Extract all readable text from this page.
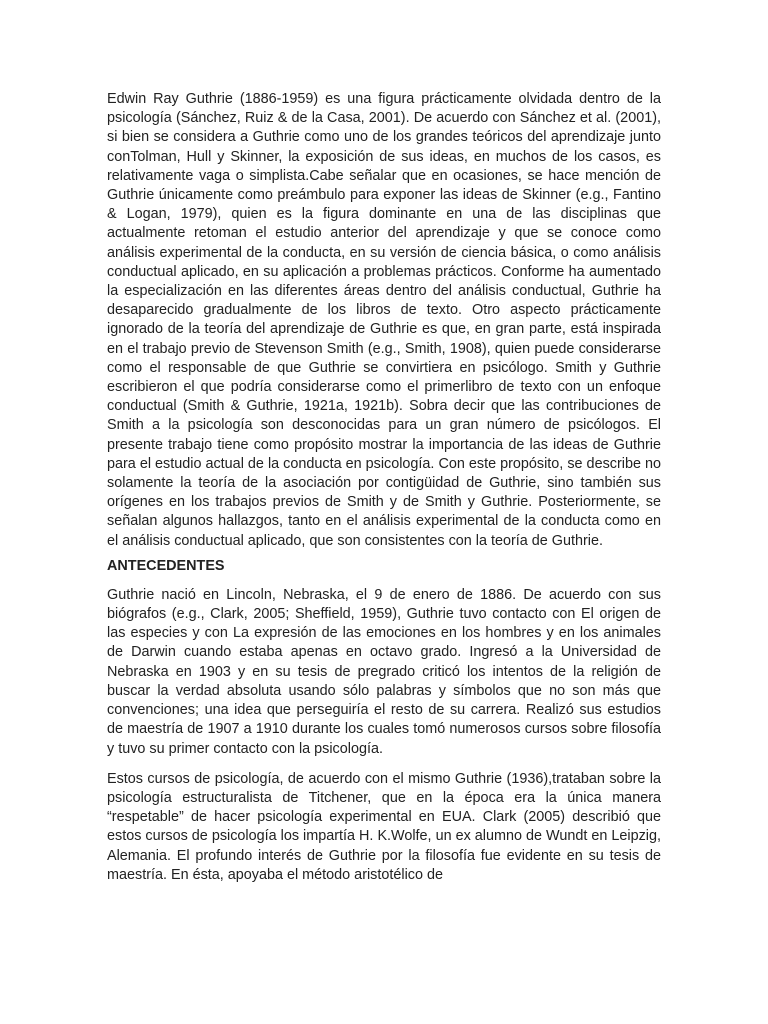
Edwin Ray Guthrie (1886-1959) es una figura prácticamente olvidada dentro de la psicología (Sánchez, Ruiz & de la Casa, 2001). De acuerdo con Sánchez et al. (2001), si bien se considera a Guthrie como uno de los grandes teóricos del aprendizaje junto conTolman, Hull y Skinner, la exposición de sus ideas, en muchos de los casos, es relativamente vaga o simplista.Cabe señalar que en ocasiones, se hace mención de Guthrie únicamente como preámbulo para exponer las ideas de Skinner (e.g., Fantino & Logan, 1979), quien es la figura dominante en una de las disciplinas que actualmente retoman el estudio anterior del aprendizaje y que se conoce como análisis experimental de la conducta, en su versión de ciencia básica, o como análisis conductual aplicado, en su aplicación a problemas prácticos. Conforme ha aumentado la especialización en las diferentes áreas dentro del análisis conductual, Guthrie ha desaparecido gradualmente de los libros de texto. Otro aspecto prácticamente ignorado de la teoría del aprendizaje de Guthrie es que, en gran parte, está inspirada en el trabajo previo de Stevenson Smith (e.g., Smith, 1908), quien puede considerarse como el responsable de que Guthrie se convirtiera en psicólogo. Smith y Guthrie escribieron el que podría considerarse como el primerlibro de texto con un enfoque conductual (Smith & Guthrie, 1921a, 1921b). Sobra decir que las contribuciones de Smith a la psicología son desconocidas para un gran número de psicólogos. El presente trabajo tiene como propósito mostrar la importancia de las ideas de Guthrie para el estudio actual de la conducta en psicología. Con este propósito, se describe no solamente la teoría de la asociación por contigüidad de Guthrie, sino también sus orígenes en los trabajos previos de Smith y de Smith y Guthrie. Posteriormente, se señalan algunos hallazgos, tanto en el análisis experimental de la conducta como en el análisis conductual aplicado, que son consistentes con la teoría de Guthrie.

ANTECEDENTES

Guthrie nació en Lincoln, Nebraska, el 9 de enero de 1886. De acuerdo con sus biógrafos (e.g., Clark, 2005; Sheffield, 1959), Guthrie tuvo contacto con El origen de las especies y con La expresión de las emociones en los hombres y en los animales de Darwin cuando estaba apenas en octavo grado. Ingresó a la Universidad de Nebraska en 1903 y en su tesis de pregrado criticó los intentos de la religión de buscar la verdad absoluta usando sólo palabras y símbolos que no son más que convenciones; una idea que perseguiría el resto de su carrera. Realizó sus estudios de maestría de 1907 a 1910 durante los cuales tomó numerosos cursos sobre filosofía y tuvo su primer contacto con la psicología.

Estos cursos de psicología, de acuerdo con el mismo Guthrie (1936),trataban sobre la psicología estructuralista de Titchener, que en la época era la única manera “respetable” de hacer psicología experimental en EUA. Clark (2005) describió que estos cursos de psicología los impartía H. K.Wolfe, un ex alumno de Wundt en Leipzig, Alemania. El profundo interés de Guthrie por la filosofía fue evidente en su tesis de maestría. En ésta, apoyaba el método aristotélico de
